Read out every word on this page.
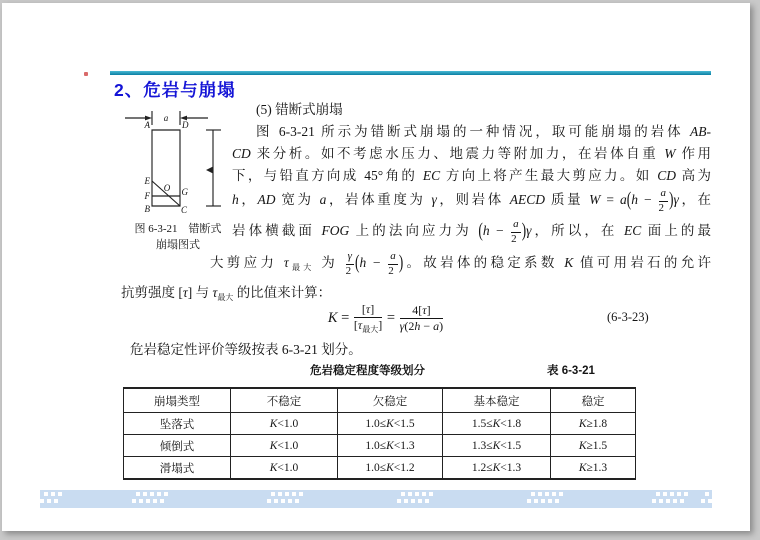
2、危岩与崩塌
a
A	D
E
O
F	G
B	C
图 6-3-21　错断式
崩塌图式
(5) 错断式崩塌
图 6-3-21 所示为错断式崩塌的一种情况，取可能崩塌的岩体 AB-
CD 来分析。如不考虑水压力、地震力等附加力，在岩体自重 W 作用
下，与铅直方向成 45°角的 EC 方向上将产生最大剪应力。如 CD 高为
h，AD 宽为 a，岩体重度为 γ，则岩体 AECD 质量 $W = a(h - \frac{a}{2} )\gamma$，在
岩体横截面 FOG 上的法向应力为 $(h - \frac{a}{2} )\gamma$，所以，在 EC 面上的最
大剪应力 $\tau_{最大}$ 为 $\frac{\gamma}{2} (h - \frac{a}{2}$ )。故岩体的稳定系数 K 值可用岩石的允许
抗剪强度 [τ] 与 $\tau_{最大}$ 的比值来计算：
$K = \frac{[\tau]}{[\tau_{最大}]} = \frac{4[\tau]}{\gamma(2h - a)}$	(6-3-23)
危岩稳定性评价等级按表 6-3-21 划分。
危岩稳定程度等级划分	表 6-3-21
崩塌类型	不稳定	欠稳定	基本稳定	稳定
坠落式	K<1.0	1.0≤K<1.5	1.5≤K<1.8	K≥1.8
倾倒式	K<1.0	1.0≤K<1.3	1.3≤K<1.5	K≥1.5
滑塌式	K<1.0	1.0≤K<1.2	1.2≤K<1.3	K≥1.3
